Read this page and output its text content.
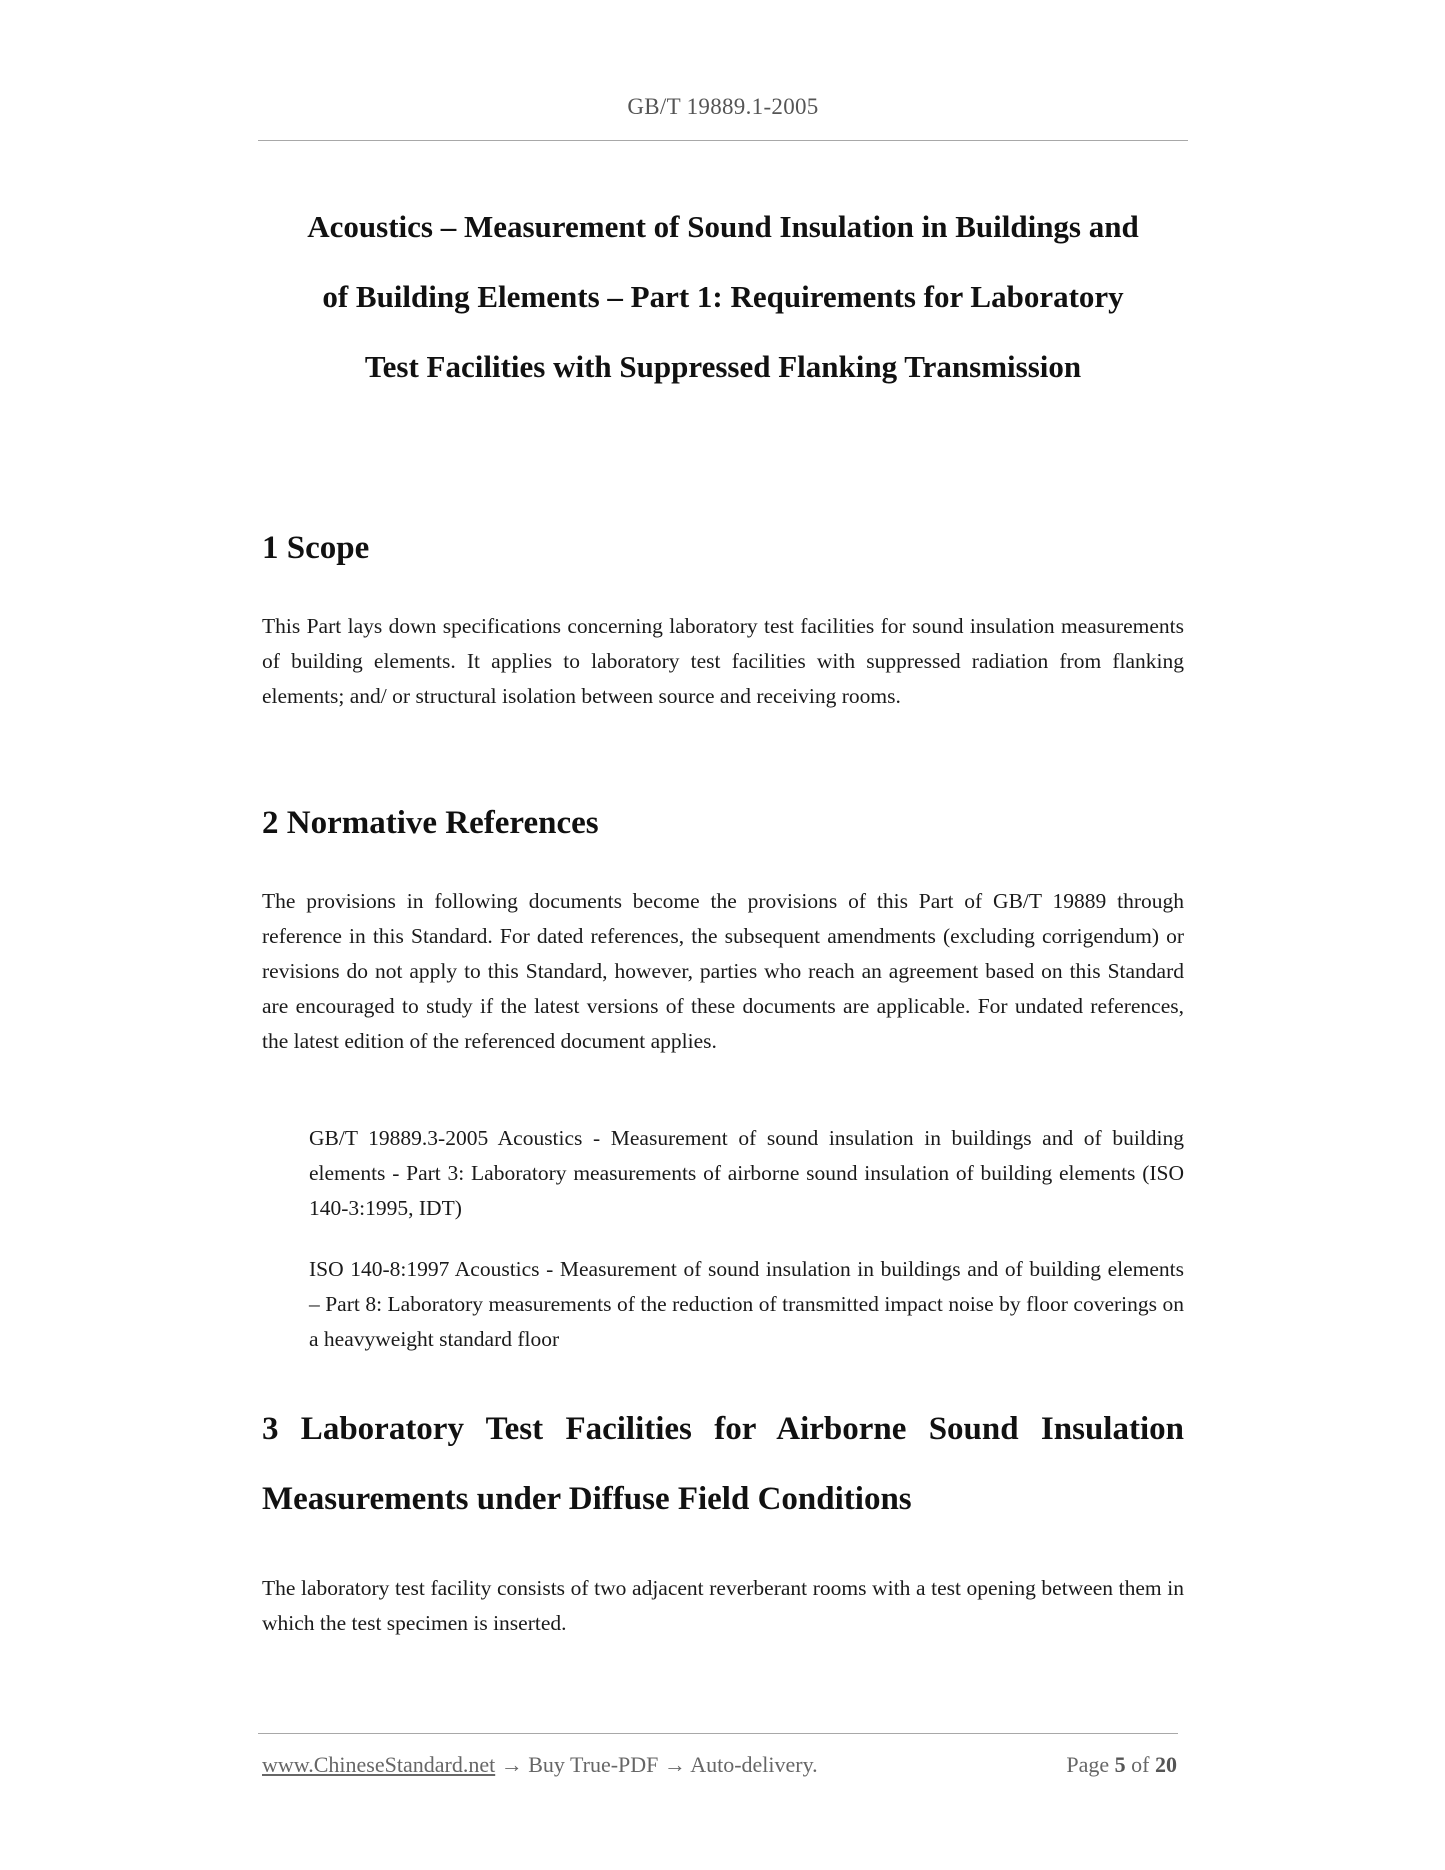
GB/T 19889.1-2005
Acoustics – Measurement of Sound Insulation in Buildings and
of Building Elements – Part 1: Requirements for Laboratory
Test Facilities with Suppressed Flanking Transmission
1 Scope

This Part lays down specifications concerning laboratory test facilities for sound insulation measurements of building elements. It applies to laboratory test facilities with suppressed radiation from flanking elements; and/ or structural isolation between source and receiving rooms.

2 Normative References

The provisions in following documents become the provisions of this Part of GB/T 19889 through reference in this Standard. For dated references, the subsequent amendments (excluding corrigendum) or revisions do not apply to this Standard, however, parties who reach an agreement based on this Standard are encouraged to study if the latest versions of these documents are applicable. For undated references, the latest edition of the referenced document applies.

GB/T 19889.3-2005 Acoustics - Measurement of sound insulation in buildings and of building elements - Part 3: Laboratory measurements of airborne sound insulation of building elements (ISO 140-3:1995, IDT)

ISO 140-8:1997 Acoustics - Measurement of sound insulation in buildings and of building elements – Part 8: Laboratory measurements of the reduction of transmitted impact noise by floor coverings on a heavyweight standard floor

3 Laboratory Test Facilities for Airborne Sound Insulation
Measurements under Diffuse Field Conditions

The laboratory test facility consists of two adjacent reverberant rooms with a test opening between them in which the test specimen is inserted.

www.ChineseStandard.net → Buy True-PDF → Auto-delivery.	Page 5 of 20
